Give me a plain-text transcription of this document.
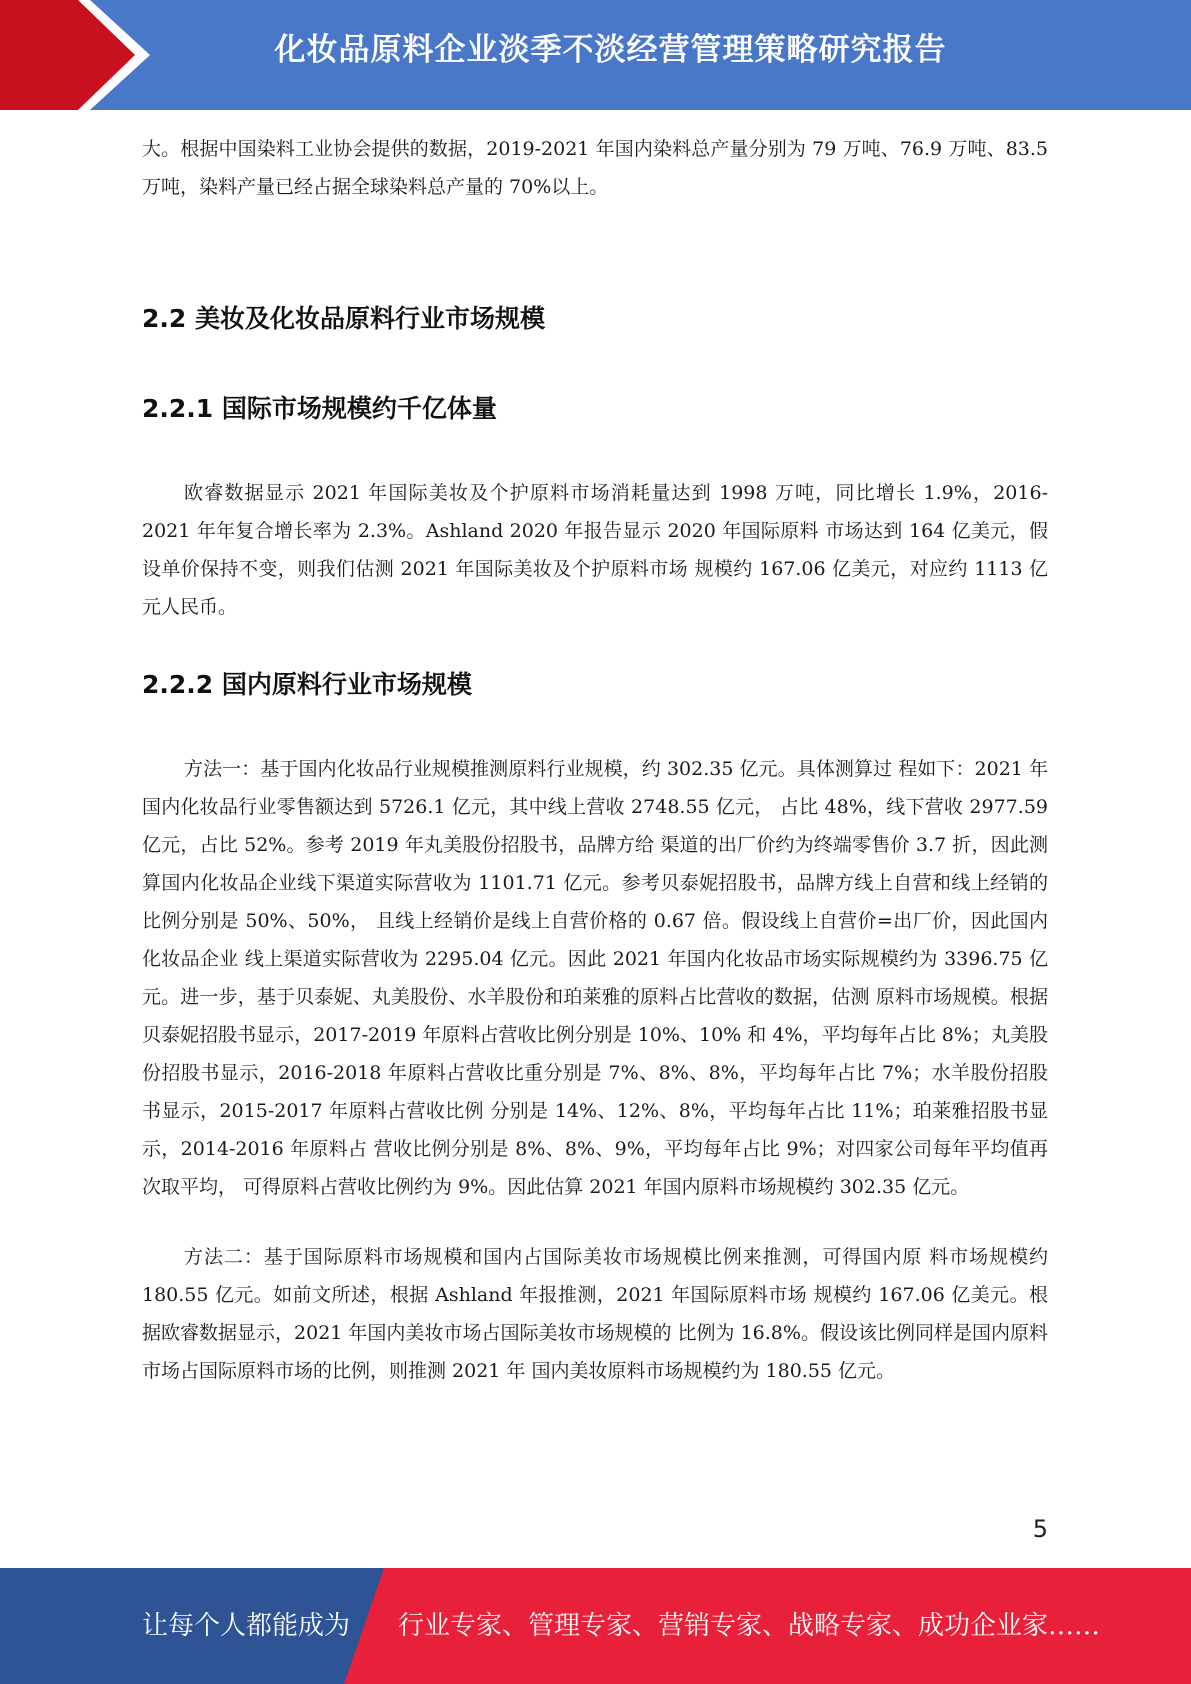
化妆品原料企业淡季不淡经营管理策略研究报告

大。根据中国染料工业协会提供的数据，2019-2021 年国内染料总产量分别为 79 万吨、76.9 万吨、83.5 万吨，染料产量已经占据全球染料总产量的 70%以上。

2.2 美妆及化妆品原料行业市场规模
2.2.1 国际市场规模约千亿体量

欧睿数据显示 2021 年国际美妆及个护原料市场消耗量达到 1998 万吨，同比增长 1.9%，2016-2021 年年复合增长率为 2.3%。Ashland 2020 年报告显示 2020 年国际原料 市场达到 164 亿美元，假设单价保持不变，则我们估测 2021 年国际美妆及个护原料市场 规模约 167.06 亿美元，对应约 1113 亿元人民币。

2.2.2 国内原料行业市场规模

方法一：基于国内化妆品行业规模推测原料行业规模，约 302.35 亿元。具体测算过 程如下：2021 年国内化妆品行业零售额达到 5726.1 亿元，其中线上营收 2748.55 亿元， 占比 48%，线下营收 2977.59 亿元，占比 52%。参考 2019 年丸美股份招股书，品牌方给 渠道的出厂价约为终端零售价 3.7 折，因此测算国内化妆品企业线下渠道实际营收为 1101.71 亿元。参考贝泰妮招股书，品牌方线上自营和线上经销的比例分别是 50%、50%， 且线上经销价是线上自营价格的 0.67 倍。假设线上自营价=出厂价，因此国内化妆品企业 线上渠道实际营收为 2295.04 亿元。因此 2021 年国内化妆品市场实际规模约为 3396.75 亿元。进一步，基于贝泰妮、丸美股份、水羊股份和珀莱雅的原料占比营收的数据，估测 原料市场规模。根据贝泰妮招股书显示，2017-2019 年原料占营收比例分别是 10%、10% 和 4%，平均每年占比 8%；丸美股份招股书显示，2016-2018 年原料占营收比重分别是 7%、8%、8%，平均每年占比 7%；水羊股份招股书显示，2015-2017 年原料占营收比例 分别是 14%、12%、8%，平均每年占比 11%；珀莱雅招股书显示，2014-2016 年原料占 营收比例分别是 8%、8%、9%，平均每年占比 9%；对四家公司每年平均值再次取平均， 可得原料占营收比例约为 9%。因此估算 2021 年国内原料市场规模约 302.35 亿元。

方法二：基于国际原料市场规模和国内占国际美妆市场规模比例来推测，可得国内原 料市场规模约 180.55 亿元。如前文所述，根据 Ashland 年报推测，2021 年国际原料市场 规模约 167.06 亿美元。根据欧睿数据显示，2021 年国内美妆市场占国际美妆市场规模的 比例为 16.8%。假设该比例同样是国内原料市场占国际原料市场的比例，则推测 2021 年 国内美妆原料市场规模约为 180.55 亿元。

5
让每个人都能成为 行业专家、管理专家、营销专家、战略专家、成功企业家……
